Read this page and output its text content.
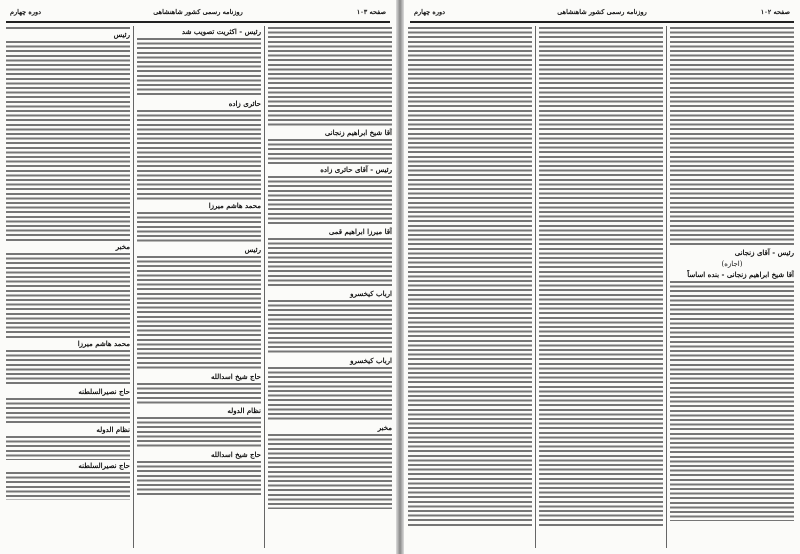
صفحه ۱۰۳
روزنامه رسمی کشور شاهنشاهی
دوره چهارم
آقا شیخ ابراهیم زنجانی
رئیس - آقای حائری زاده
آقا میرزا ابراهیم قمی
ارباب کیخسرو
ارباب کیخسرو
مخبر
رئیس - اکثریت تصویب شد
حائری زاده
محمد هاشم میرزا
رئیس
حاج شیخ اسدالله
نظام الدوله
حاج شیخ اسدالله
رئیس
مخبر
محمد هاشم میرزا
حاج نصیرالسلطنه
نظام الدوله
حاج نصیرالسلطنه
صفحه ۱۰۲
روزنامه رسمی کشور شاهنشاهی
دوره چهارم
رئیس - آقای زنجانی
(اجازه)
آقا شیخ ابراهیم زنجانی - بنده اساساً
